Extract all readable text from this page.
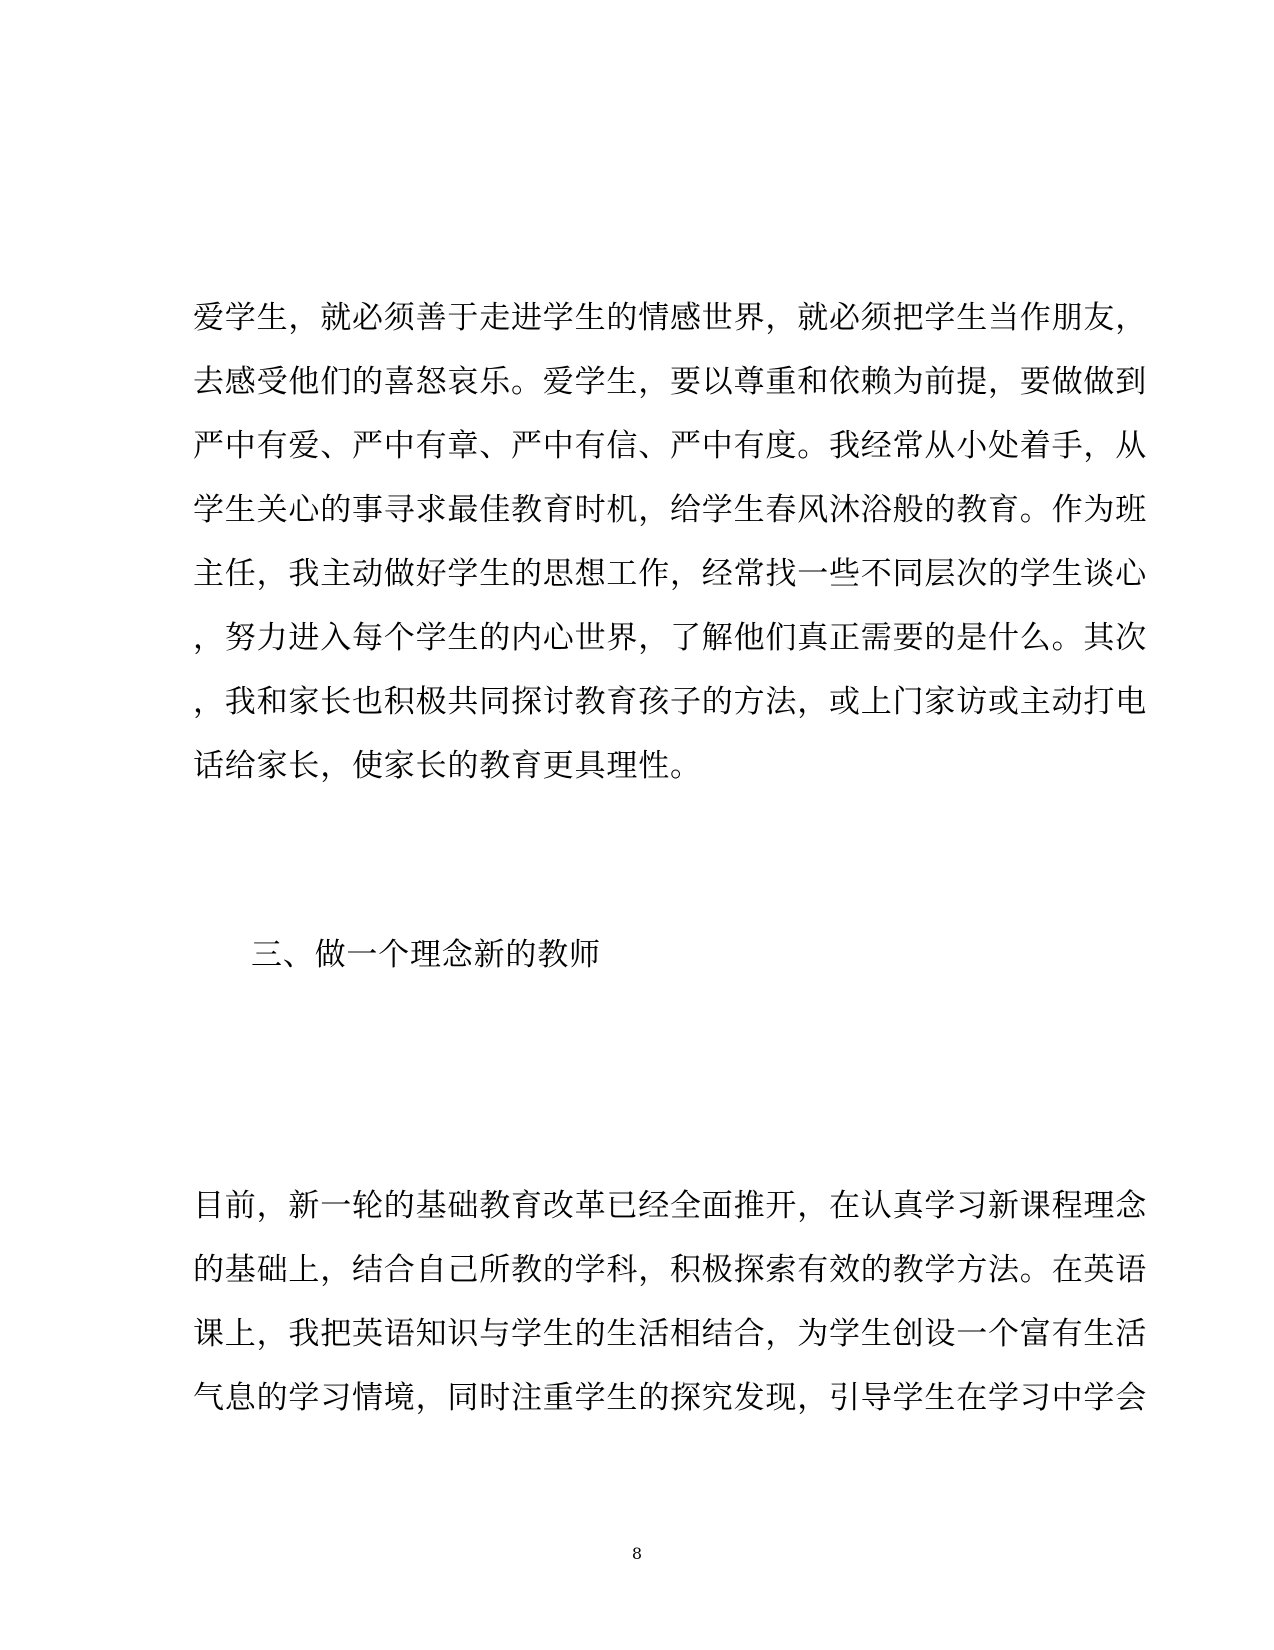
爱学生，就必须善于走进学生的情感世界，就必须把学生当作朋友，
去感受他们的喜怒哀乐。爱学生，要以尊重和依赖为前提，要做做到
严中有爱、严中有章、严中有信、严中有度。我经常从小处着手，从
学生关心的事寻求最佳教育时机，给学生春风沐浴般的教育。作为班
主任，我主动做好学生的思想工作，经常找一些不同层次的学生谈心
，努力进入每个学生的内心世界，了解他们真正需要的是什么。其次
，我和家长也积极共同探讨教育孩子的方法，或上门家访或主动打电
话给家长，使家长的教育更具理性。
三、做一个理念新的教师
目前，新一轮的基础教育改革已经全面推开，在认真学习新课程理念
的基础上，结合自己所教的学科，积极探索有效的教学方法。在英语
课上，我把英语知识与学生的生活相结合，为学生创设一个富有生活
气息的学习情境，同时注重学生的探究发现，引导学生在学习中学会
8
